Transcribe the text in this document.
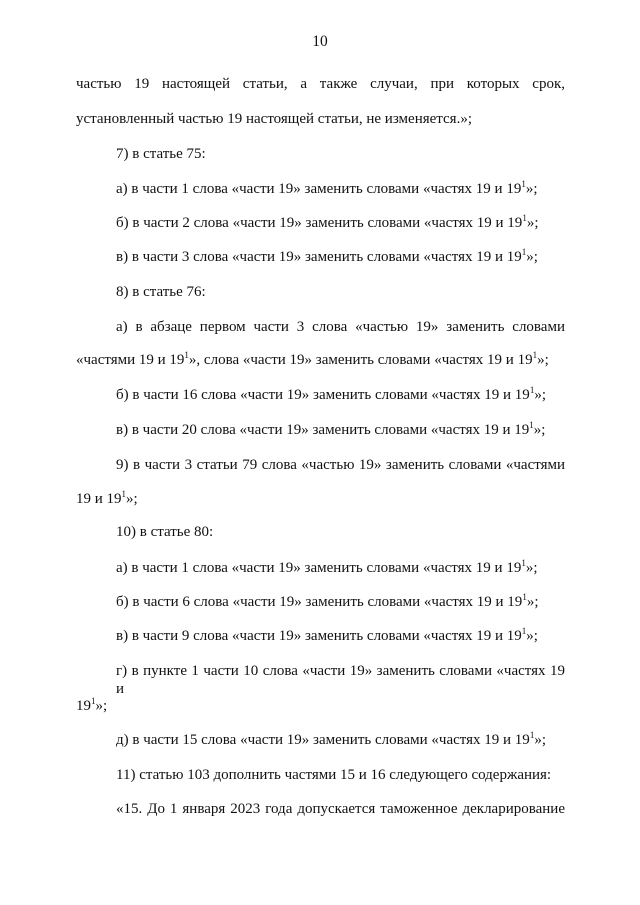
10
частью 19 настоящей статьи, а также случаи, при которых срок,
установленный частью 19 настоящей статьи, не изменяется.»;
7) в статье 75:
а) в части 1 слова «части 19» заменить словами «частях 19 и $19^1$»;
б) в части 2 слова «части 19» заменить словами «частях 19 и $19^1$»;
в) в части 3 слова «части 19» заменить словами «частях 19 и $19^1$»;
8) в статье 76:
а) в абзаце первом части 3 слова «частью 19» заменить словами
«частями 19 и $19^1$», слова «части 19» заменить словами «частях 19 и $19^1$»;
б) в части 16 слова «части 19» заменить словами «частях 19 и $19^1$»;
в) в части 20 слова «части 19» заменить словами «частях 19 и $19^1$»;
9) в части 3 статьи 79 слова «частью 19» заменить словами «частями
19 и $19^1$»;
10) в статье 80:
а) в части 1 слова «части 19» заменить словами «частях 19 и $19^1$»;
б) в части 6 слова «части 19» заменить словами «частях 19 и $19^1$»;
в) в части 9 слова «части 19» заменить словами «частях 19 и $19^1$»;
г) в пункте 1 части 10 слова «части 19» заменить словами «частях 19 и
$19^1$»;
д) в части 15 слова «части 19» заменить словами «частях 19 и $19^1$»;
11) статью 103 дополнить частями 15 и 16 следующего содержания:
«15. До 1 января 2023 года допускается таможенное декларирование
